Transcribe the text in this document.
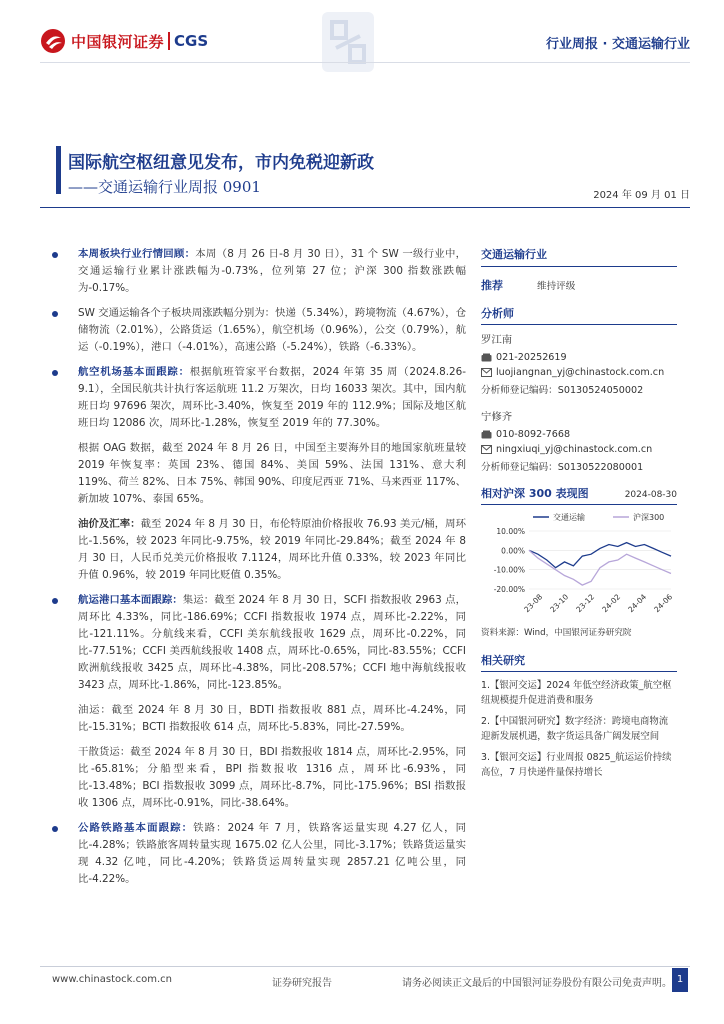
中国银河证券 CGS	行业周报 · 交通运输行业
国际航空枢纽意见发布，市内免税迎新政
——交通运输行业周报 0901	2024 年 09 月 01 日
本周板块行业行情回顾：本周（8 月 26 日-8 月 30 日），31 个 SW 一级行业中，交通运输行业累计涨跌幅为-0.73%，位列第 27 位；沪深 300 指数涨跌幅为-0.17%。
SW 交通运输各个子板块周涨跌幅分别为：快递（5.34%），跨境物流（4.67%），仓储物流（2.01%），公路货运（1.65%），航空机场（0.96%），公交（0.79%），航运（-0.19%），港口（-4.01%），高速公路（-5.24%），铁路（-6.33%）。
航空机场基本面跟踪：根据航班管家平台数据，2024 年第 35 周（2024.8.26-9.1），全国民航共计执行客运航班 11.2 万架次，日均 16033 架次。其中，国内航班日均 97696 架次，周环比-3.40%，恢复至 2019 年的 112.9%；国际及地区航班日均 12086 次，周环比-1.28%，恢复至 2019 年的 77.30%。
根据 OAG 数据，截至 2024 年 8 月 26 日，中国至主要海外目的地国家航班量较 2019 年恢复率：英国 23%、德国 84%、美国 59%、法国 131%、意大利 119%、荷兰 82%、日本 75%、韩国 90%、印度尼西亚 71%、马来西亚 117%、新加坡 107%、泰国 65%。
油价及汇率：截至 2024 年 8 月 30 日，布伦特原油价格报收 76.93 美元/桶，周环比-1.56%，较 2023 年同比-9.75%，较 2019 年同比-29.84%；截至 2024 年 8 月 30 日，人民币兑美元价格报收 7.1124，周环比升值 0.33%，较 2023 年同比升值 0.96%，较 2019 年同比贬值 0.35%。
航运港口基本面跟踪：集运：截至 2024 年 8 月 30 日，SCFI 指数报收 2963 点，周环比 4.33%，同比-186.69%；CCFI 指数报收 1974 点，周环比-2.22%，同比-121.11%。分航线来看，CCFI 美东航线报收 1629 点，周环比-0.22%，同比-77.51%；CCFI 美西航线报收 1408 点，周环比-0.65%，同比-83.55%；CCFI 欧洲航线报收 3425 点，周环比-4.38%，同比-208.57%；CCFI 地中海航线报收 3423 点，周环比-1.86%，同比-123.85%。
油运：截至 2024 年 8 月 30 日，BDTI 指数报收 881 点，周环比-4.24%，同比-15.31%；BCTI 指数报收 614 点，周环比-5.83%，同比-27.59%。
干散货运：截至 2024 年 8 月 30 日，BDI 指数报收 1814 点，周环比-2.95%，同比-65.81%；分船型来看，BPI 指数报收 1316 点，周环比-6.93%，同比-13.48%；BCI 指数报收 3099 点，周环比-8.7%，同比-175.96%；BSI 指数报收 1306 点，周环比-0.91%，同比-38.64%。
公路铁路基本面跟踪：铁路：2024 年 7 月，铁路客运量实现 4.27 亿人，同比-4.28%；铁路旅客周转量实现 1675.02 亿人公里，同比-3.17%；铁路货运量实现 4.32 亿吨，同比-4.20%；铁路货运周转量实现 2857.21 亿吨公里，同比-4.22%。
交通运输行业
推荐	维持评级
分析师
罗江南
021-20252619
luojiangnan_yj@chinastock.com.cn
分析师登记编码：S0130524050002
宁修齐
010-8092-7668
ningxiuqi_yj@chinastock.com.cn
分析师登记编码：S0130522080001
相对沪深 300 表现图	2024-08-30
交通运输	沪深300
10.00%
0.00%
-10.00%
-20.00%
23-08 23-10 23-12 24-02 24-04 24-06
资料来源：Wind，中国银河证券研究院
相关研究
1.【银河交运】2024 年低空经济政策_航空枢纽规模提升促进消费和服务
2.【中国银河研究】数字经济：跨境电商物流迎新发展机遇，数字货运具备广阔发展空间
3.【银河交运】行业周报 0825_航运运价持续高位，7 月快递件量保持增长
www.chinastock.com.cn	证券研究报告	请务必阅读正文最后的中国银河证券股份有限公司免责声明。 1
